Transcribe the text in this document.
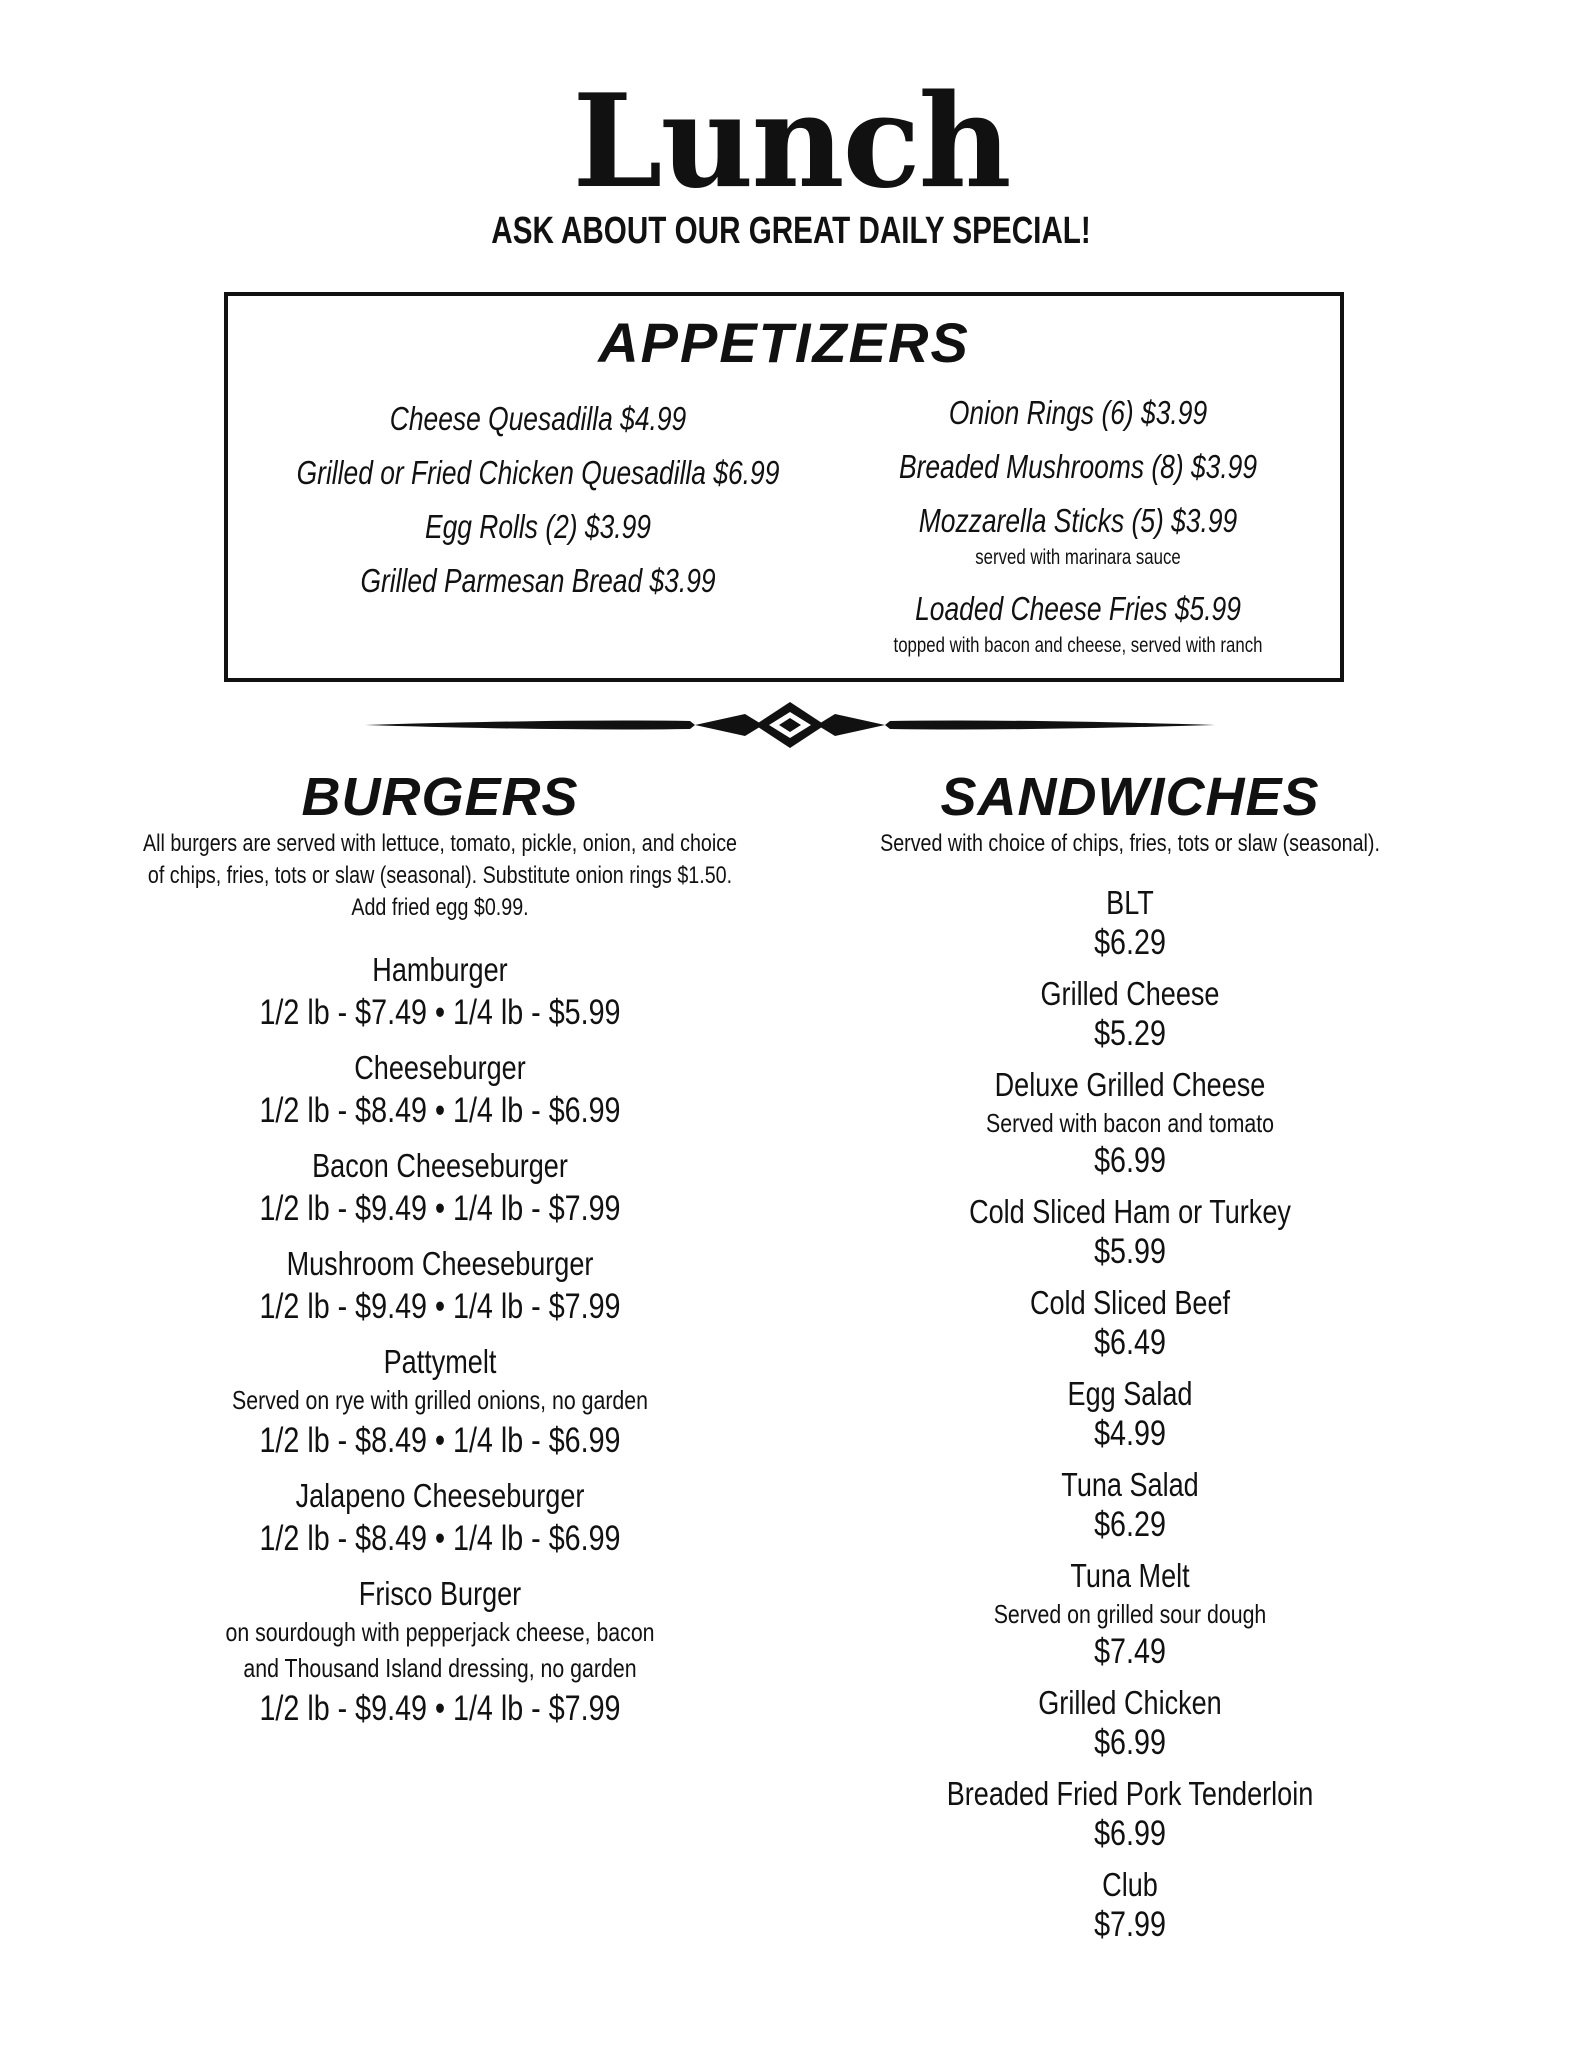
Lunch
ASK ABOUT OUR GREAT DAILY SPECIAL!
APPETIZERS
Cheese Quesadilla $4.99
Grilled or Fried Chicken Quesadilla $6.99
Egg Rolls (2) $3.99
Grilled Parmesan Bread $3.99
Onion Rings (6) $3.99
Breaded Mushrooms (8) $3.99
Mozzarella Sticks (5) $3.99
served with marinara sauce
Loaded Cheese Fries $5.99
topped with bacon and cheese, served with ranch
BURGERS	SANDWICHES
All burgers are served with lettuce, tomato, pickle, onion, and choice
of chips, fries, tots or slaw (seasonal). Substitute onion rings $1.50.
Add fried egg $0.99.
Served with choice of chips, fries, tots or slaw (seasonal).
Hamburger
1/2 lb - $7.49 • 1/4 lb - $5.99
Cheeseburger
1/2 lb - $8.49 • 1/4 lb - $6.99
Bacon Cheeseburger
1/2 lb - $9.49 • 1/4 lb - $7.99
Mushroom Cheeseburger
1/2 lb - $9.49 • 1/4 lb - $7.99
Pattymelt
Served on rye with grilled onions, no garden
1/2 lb - $8.49 • 1/4 lb - $6.99
Jalapeno Cheeseburger
1/2 lb - $8.49 • 1/4 lb - $6.99
Frisco Burger
on sourdough with pepperjack cheese, bacon
and Thousand Island dressing, no garden
1/2 lb - $9.49 • 1/4 lb - $7.99
BLT
$6.29
Grilled Cheese
$5.29
Deluxe Grilled Cheese
Served with bacon and tomato
$6.99
Cold Sliced Ham or Turkey
$5.99
Cold Sliced Beef
$6.49
Egg Salad
$4.99
Tuna Salad
$6.29
Tuna Melt
Served on grilled sour dough
$7.49
Grilled Chicken
$6.99
Breaded Fried Pork Tenderloin
$6.99
Club
$7.99
